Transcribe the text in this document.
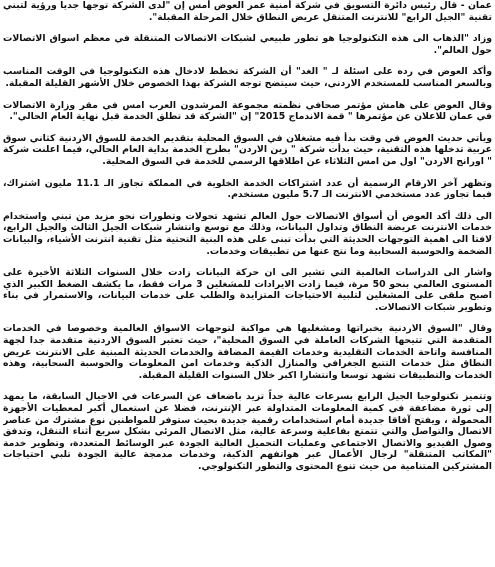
عمان - قال رئيس دائرة التسويق في شركة أمنية عمر العوض أمس إن "لدى الشركة توجها جديا ورؤية لتبني تقنية "الجيل الرابع" للانترنت المتنقل عريض النطاق خلال المرحلة المقبلة".

وزاد "الذهاب الى هذه التكنولوجيا هو تطور طبيعي لشبكات الاتصالات المتنقلة في معظم اسواق الاتصالات حول العالم".

وأكد العوض في رده على اسئلة لـ " الغد" أن الشركة تخطط لادخال هذه التكنولوجيا في الوقت المناسب وبالسعر المناسب للمستخدم الاردني، حيث سيتضح توجه الشركة بهذا الخصوص خلال الأشهر القليلة المقبلة.

وقال العوض على هامش مؤتمر صحافي نظمته مجموعة المرشدون العرب امس في مقر وزارة الاتصالات في عمان للاعلان عن مؤتمرها " قمة الاندماج 2015" إن "الشركة قد تطلق الخدمة قبل نهاية العام الحالي".

ويأتي حديث العوض في وقت بدأ فيه مشغلان في السوق المحلية بتقديم الخدمة للسوق الاردنية كثاني سوق عربية تدخلها هذه التقنية، حيث بدأت شركة " زين الاردن" بطرح الخدمة بداية العام الحالي، فيما اعلنت شركة " اورانج الاردن" اول من امس الثلاثاء عن اطلاقها الرسمي للخدمة في السوق المحلية.

وتظهر آخر الارقام الرسمية أن عدد اشتراكات الخدمة الخلوية في المملكة تجاوز الـ 11.1 مليون اشتراك، فيما تجاوز عدد مستخدمي الانترنت الـ 5.7 مليون مستخدم.

الى ذلك أكد العوض أن أسواق الاتصالات حول العالم تشهد تحولات وتطورات نحو مزيد من تبني واستخدام خدمات الانترنت عريضة النطاق وتداول البيانات، وذلك مع توسع وانتشار شبكات الجيل الثالث والجيل الرابع، لافتا الى اهمية التوجهات الحديثة التي بدأت تبنى على هذه البنية التحتية مثل تقنية انترنت الأشياء، والبيانات الضخمة والحوسبة السحابية وما نتج عنها من تطبيقات وخدمات.

واشار الى الدراسات العالمية التي تشير الى ان حركة البيانات زادت خلال السنوات الثلاثة الأخيرة على المستوى العالمي بنحو 50 مرة، فيما زادت الايرادات للمشغلين 3 مرات فقط، ما يكشف الضغط الكبير الذي اصبح ملقى على المشغلين لتلبية الاحتياجات المتزايدة والطلب على خدمات البيانات، والاستمرار في بناء وتطوير شبكات الاتصالات.

وقال "السوق الاردنية يخبراتها ومشغليها هي مواكبة لتوجهات الاسواق العالمية وخصوصا في الخدمات المتقدمة التي تتيحها الشركات العاملة في السوق المحلية"، حيث تعتبر السوق الاردنية متقدمة جدا لجهة المنافسة واتاحة الخدمات التقليدية وخدمات القيمة المضافة والخدمات الحديثة المبنية على الانترنت عريض النطاق مثل خدمات التتبع الجغرافي والمنازل الذكية وخدمات امن المعلومات والحوسبة السحابية، وهذه الخدمات والتطبيقات تشهد توسعا وانتشارا اكبر خلال السنوات القليلة المقبلة.

وتتميز تكنولوجيا الجيل الرابع بسرعات عالية جداً تزيد باضعاف عن السرعات في الاجيال السابقة، ما يمهد إلى ثورة مضاعفة في كمية المعلومات المتداولة عبر الإنترنت، فضلا عن استعمال أكبر لمعطيات الأجهزة المحمولة ، ويفتح آفاقا جديدة أمام استخدامات رقمية جديدة بحيث ستوفر للمواطنين نوع مشترك من عناصر الاتصال والتواصل والتي تتمتع بفاعلية وسرعة عالية، مثل الاتصال المرئي بشكل سريع أثناء التنقل، وتدفق وصول الفيديو والاتصال الاجتماعي وعمليات التحميل العالية الجودة عبر الوسائط المتعددة، وتطوير خدمة "المكاتب المتنقلة" لرجال الأعمال عبر هواتفهم الذكية، وخدمات مدمجة عالية الجودة تلبي احتياجات المشتركين المتنامية من حيث تنوع المحتوى والتطور التكنولوجي.
